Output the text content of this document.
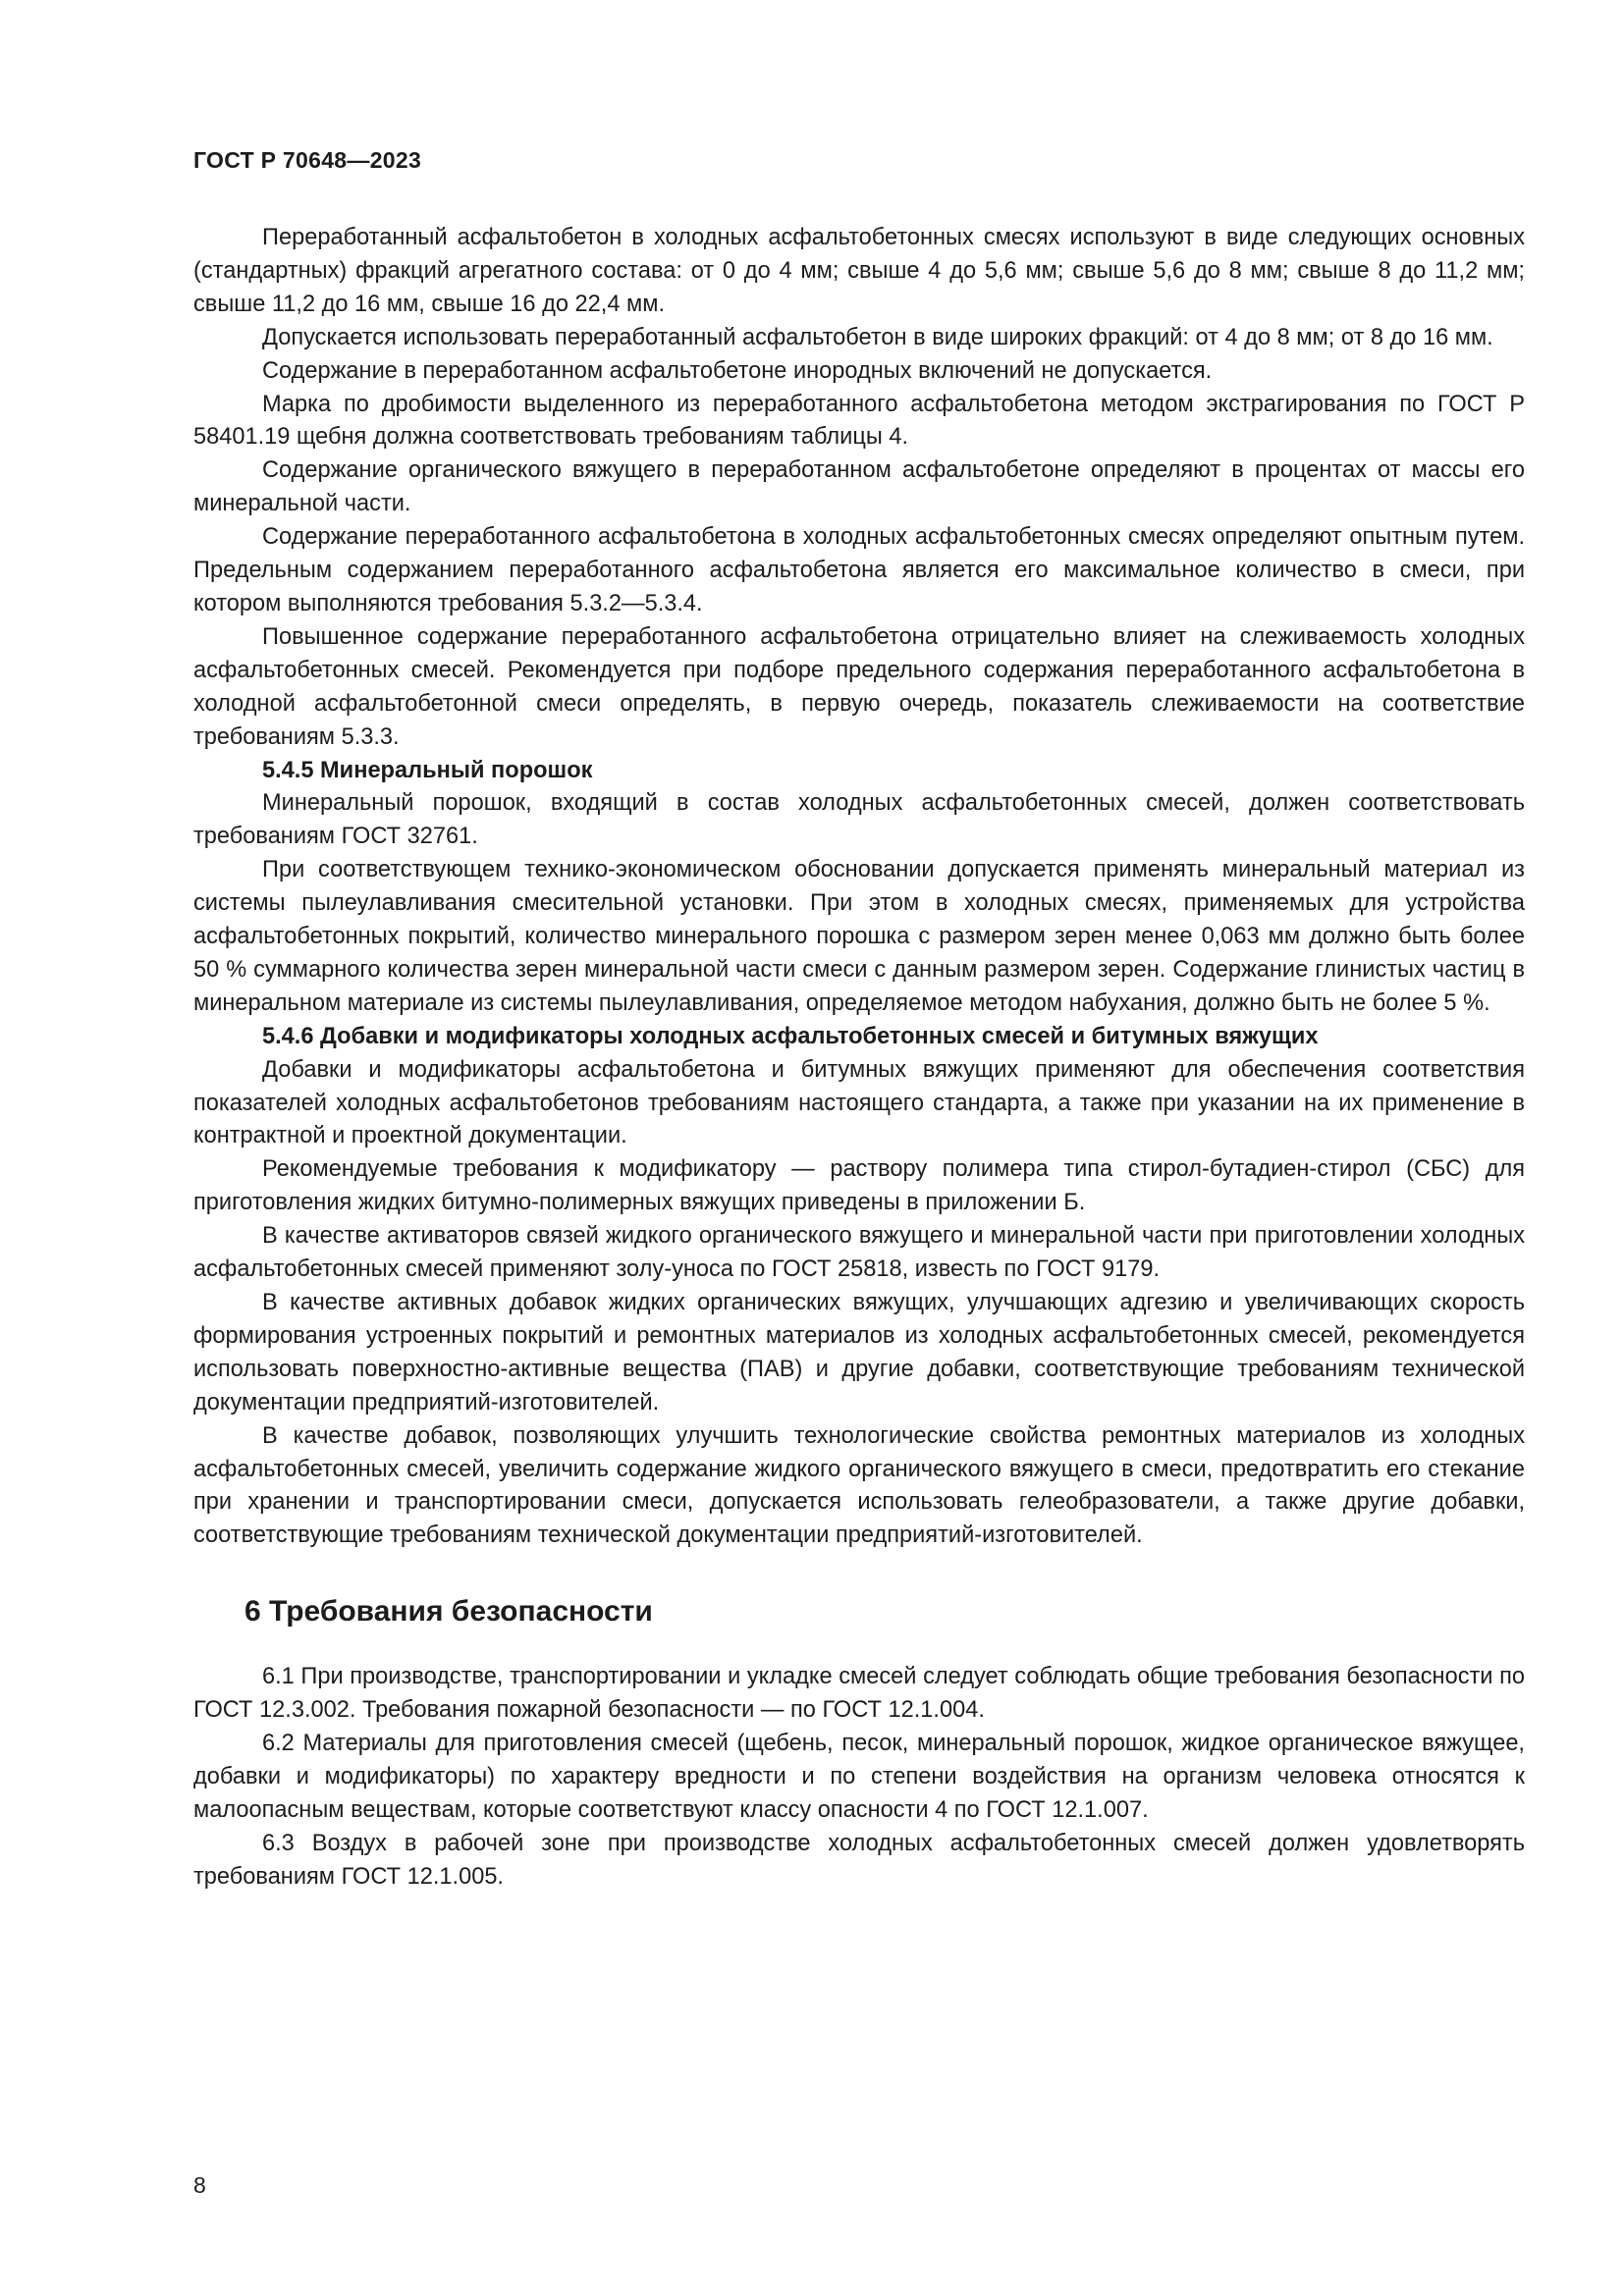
ГОСТ Р 70648—2023

Переработанный асфальтобетон в холодных асфальтобетонных смесях используют в виде следующих основных (стандартных) фракций агрегатного состава: от 0 до 4 мм; свыше 4 до 5,6 мм; свыше 5,6 до 8 мм; свыше 8 до 11,2 мм; свыше 11,2 до 16 мм, свыше 16 до 22,4 мм.

Допускается использовать переработанный асфальтобетон в виде широких фракций: от 4 до 8 мм; от 8 до 16 мм.

Содержание в переработанном асфальтобетоне инородных включений не допускается.

Марка по дробимости выделенного из переработанного асфальтобетона методом экстрагирования по ГОСТ Р 58401.19 щебня должна соответствовать требованиям таблицы 4.

Содержание органического вяжущего в переработанном асфальтобетоне определяют в процентах от массы его минеральной части.

Содержание переработанного асфальтобетона в холодных асфальтобетонных смесях определяют опытным путем. Предельным содержанием переработанного асфальтобетона является его максимальное количество в смеси, при котором выполняются требования 5.3.2—5.3.4.

Повышенное содержание переработанного асфальтобетона отрицательно влияет на слеживаемость холодных асфальтобетонных смесей. Рекомендуется при подборе предельного содержания переработанного асфальтобетона в холодной асфальтобетонной смеси определять, в первую очередь, показатель слеживаемости на соответствие требованиям 5.3.3.

5.4.5 Минеральный порошок

Минеральный порошок, входящий в состав холодных асфальтобетонных смесей, должен соответствовать требованиям ГОСТ 32761.

При соответствующем технико-экономическом обосновании допускается применять минеральный материал из системы пылеулавливания смесительной установки. При этом в холодных смесях, применяемых для устройства асфальтобетонных покрытий, количество минерального порошка с размером зерен менее 0,063 мм должно быть более 50 % суммарного количества зерен минеральной части смеси с данным размером зерен. Содержание глинистых частиц в минеральном материале из системы пылеулавливания, определяемое методом набухания, должно быть не более 5 %.

5.4.6 Добавки и модификаторы холодных асфальтобетонных смесей и битумных вяжущих

Добавки и модификаторы асфальтобетона и битумных вяжущих применяют для обеспечения соответствия показателей холодных асфальтобетонов требованиям настоящего стандарта, а также при указании на их применение в контрактной и проектной документации.

Рекомендуемые требования к модификатору — раствору полимера типа стирол-бутадиен-стирол (СБС) для приготовления жидких битумно-полимерных вяжущих приведены в приложении Б.

В качестве активаторов связей жидкого органического вяжущего и минеральной части при приготовлении холодных асфальтобетонных смесей применяют золу-уноса по ГОСТ 25818, известь по ГОСТ 9179.

В качестве активных добавок жидких органических вяжущих, улучшающих адгезию и увеличивающих скорость формирования устроенных покрытий и ремонтных материалов из холодных асфальтобетонных смесей, рекомендуется использовать поверхностно-активные вещества (ПАВ) и другие добавки, соответствующие требованиям технической документации предприятий-изготовителей.

В качестве добавок, позволяющих улучшить технологические свойства ремонтных материалов из холодных асфальтобетонных смесей, увеличить содержание жидкого органического вяжущего в смеси, предотвратить его стекание при хранении и транспортировании смеси, допускается использовать гелеобразователи, а также другие добавки, соответствующие требованиям технической документации предприятий-изготовителей.

6 Требования безопасности

6.1 При производстве, транспортировании и укладке смесей следует соблюдать общие требования безопасности по ГОСТ 12.3.002. Требования пожарной безопасности — по ГОСТ 12.1.004.

6.2 Материалы для приготовления смесей (щебень, песок, минеральный порошок, жидкое органическое вяжущее, добавки и модификаторы) по характеру вредности и по степени воздействия на организм человека относятся к малоопасным веществам, которые соответствуют классу опасности 4 по ГОСТ 12.1.007.

6.3 Воздух в рабочей зоне при производстве холодных асфальтобетонных смесей должен удовлетворять требованиям ГОСТ 12.1.005.

8
